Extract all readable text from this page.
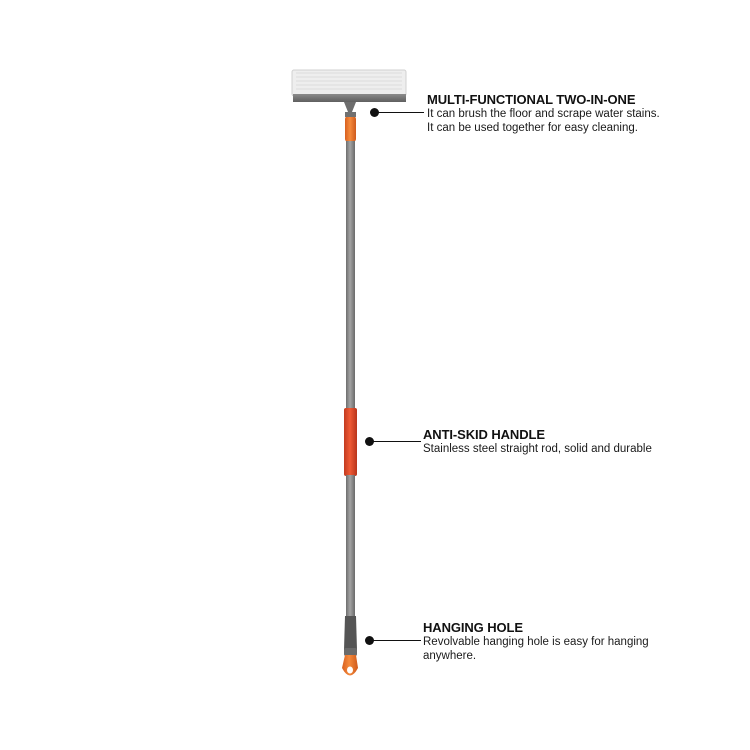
MULTI-FUNCTIONAL TWO-IN-ONE
It can brush the floor and scrape water stains.
It can be used together for easy cleaning.
ANTI-SKID HANDLE
Stainless steel straight rod, solid and durable
HANGING HOLE
Revolvable hanging hole is easy for hanging
anywhere.
